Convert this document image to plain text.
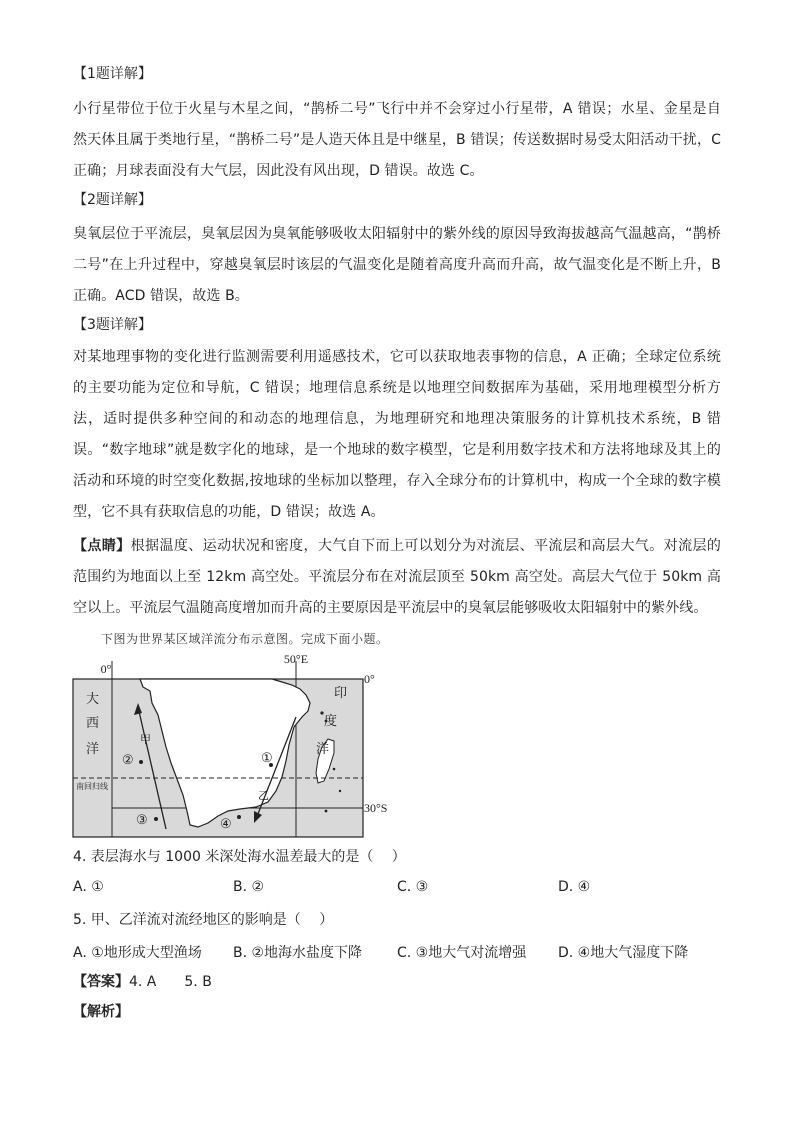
【1题详解】
小行星带位于位于火星与木星之间，“鹊桥二号”飞行中并不会穿过小行星带，A 错误；水星、金星是自然天体且属于类地行星，“鹊桥二号”是人造天体且是中继星，B 错误；传送数据时易受太阳活动干扰，C 正确；月球表面没有大气层，因此没有风出现，D 错误。故选 C。
【2题详解】
臭氧层位于平流层，臭氧层因为臭氧能够吸收太阳辐射中的紫外线的原因导致海拔越高气温越高，“鹊桥二号”在上升过程中，穿越臭氧层时该层的气温变化是随着高度升高而升高，故气温变化是不断上升，B 正确。ACD 错误，故选 B。
【3题详解】
对某地理事物的变化进行监测需要利用遥感技术，它可以获取地表事物的信息，A 正确；全球定位系统的主要功能为定位和导航，C 错误；地理信息系统是以地理空间数据库为基础，采用地理模型分析方法，适时提供多种空间的和动态的地理信息，为地理研究和地理决策服务的计算机技术系统，B 错误。“数字地球”就是数字化的地球，是一个地球的数字模型，它是利用数字技术和方法将地球及其上的活动和环境的时空变化数据,按地球的坐标加以整理，存入全球分布的计算机中，构成一个全球的数字模型，它不具有获取信息的功能，D 错误；故选 A。
【点睛】根据温度、运动状况和密度，大气自下而上可以划分为对流层、平流层和高层大气。对流层的范围约为地面以上至 12km 高空处。平流层分布在对流层顶至 50km 高空处。高层大气位于 50km 高空以上。平流层气温随高度增加而升高的主要原因是平流层中的臭氧层能够吸收太阳辐射中的紫外线。
下图为世界某区域洋流分布示意图。完成下面小题。
0°
50°E
0°
30°S
大
西
洋
印
度
洋
南回归线
甲
乙
②	①
③	④
4. 表层海水与 1000 米深处海水温差最大的是（　 ）
A. ①	B. ②	C. ③	D. ④
5. 甲、乙洋流对流经地区的影响是（　 ）
A. ①地形成大型渔场 B. ②地海水盐度下降 C. ③地大气对流增强 D. ④地大气湿度下降
【答案】4. A　　5. B
【解析】
